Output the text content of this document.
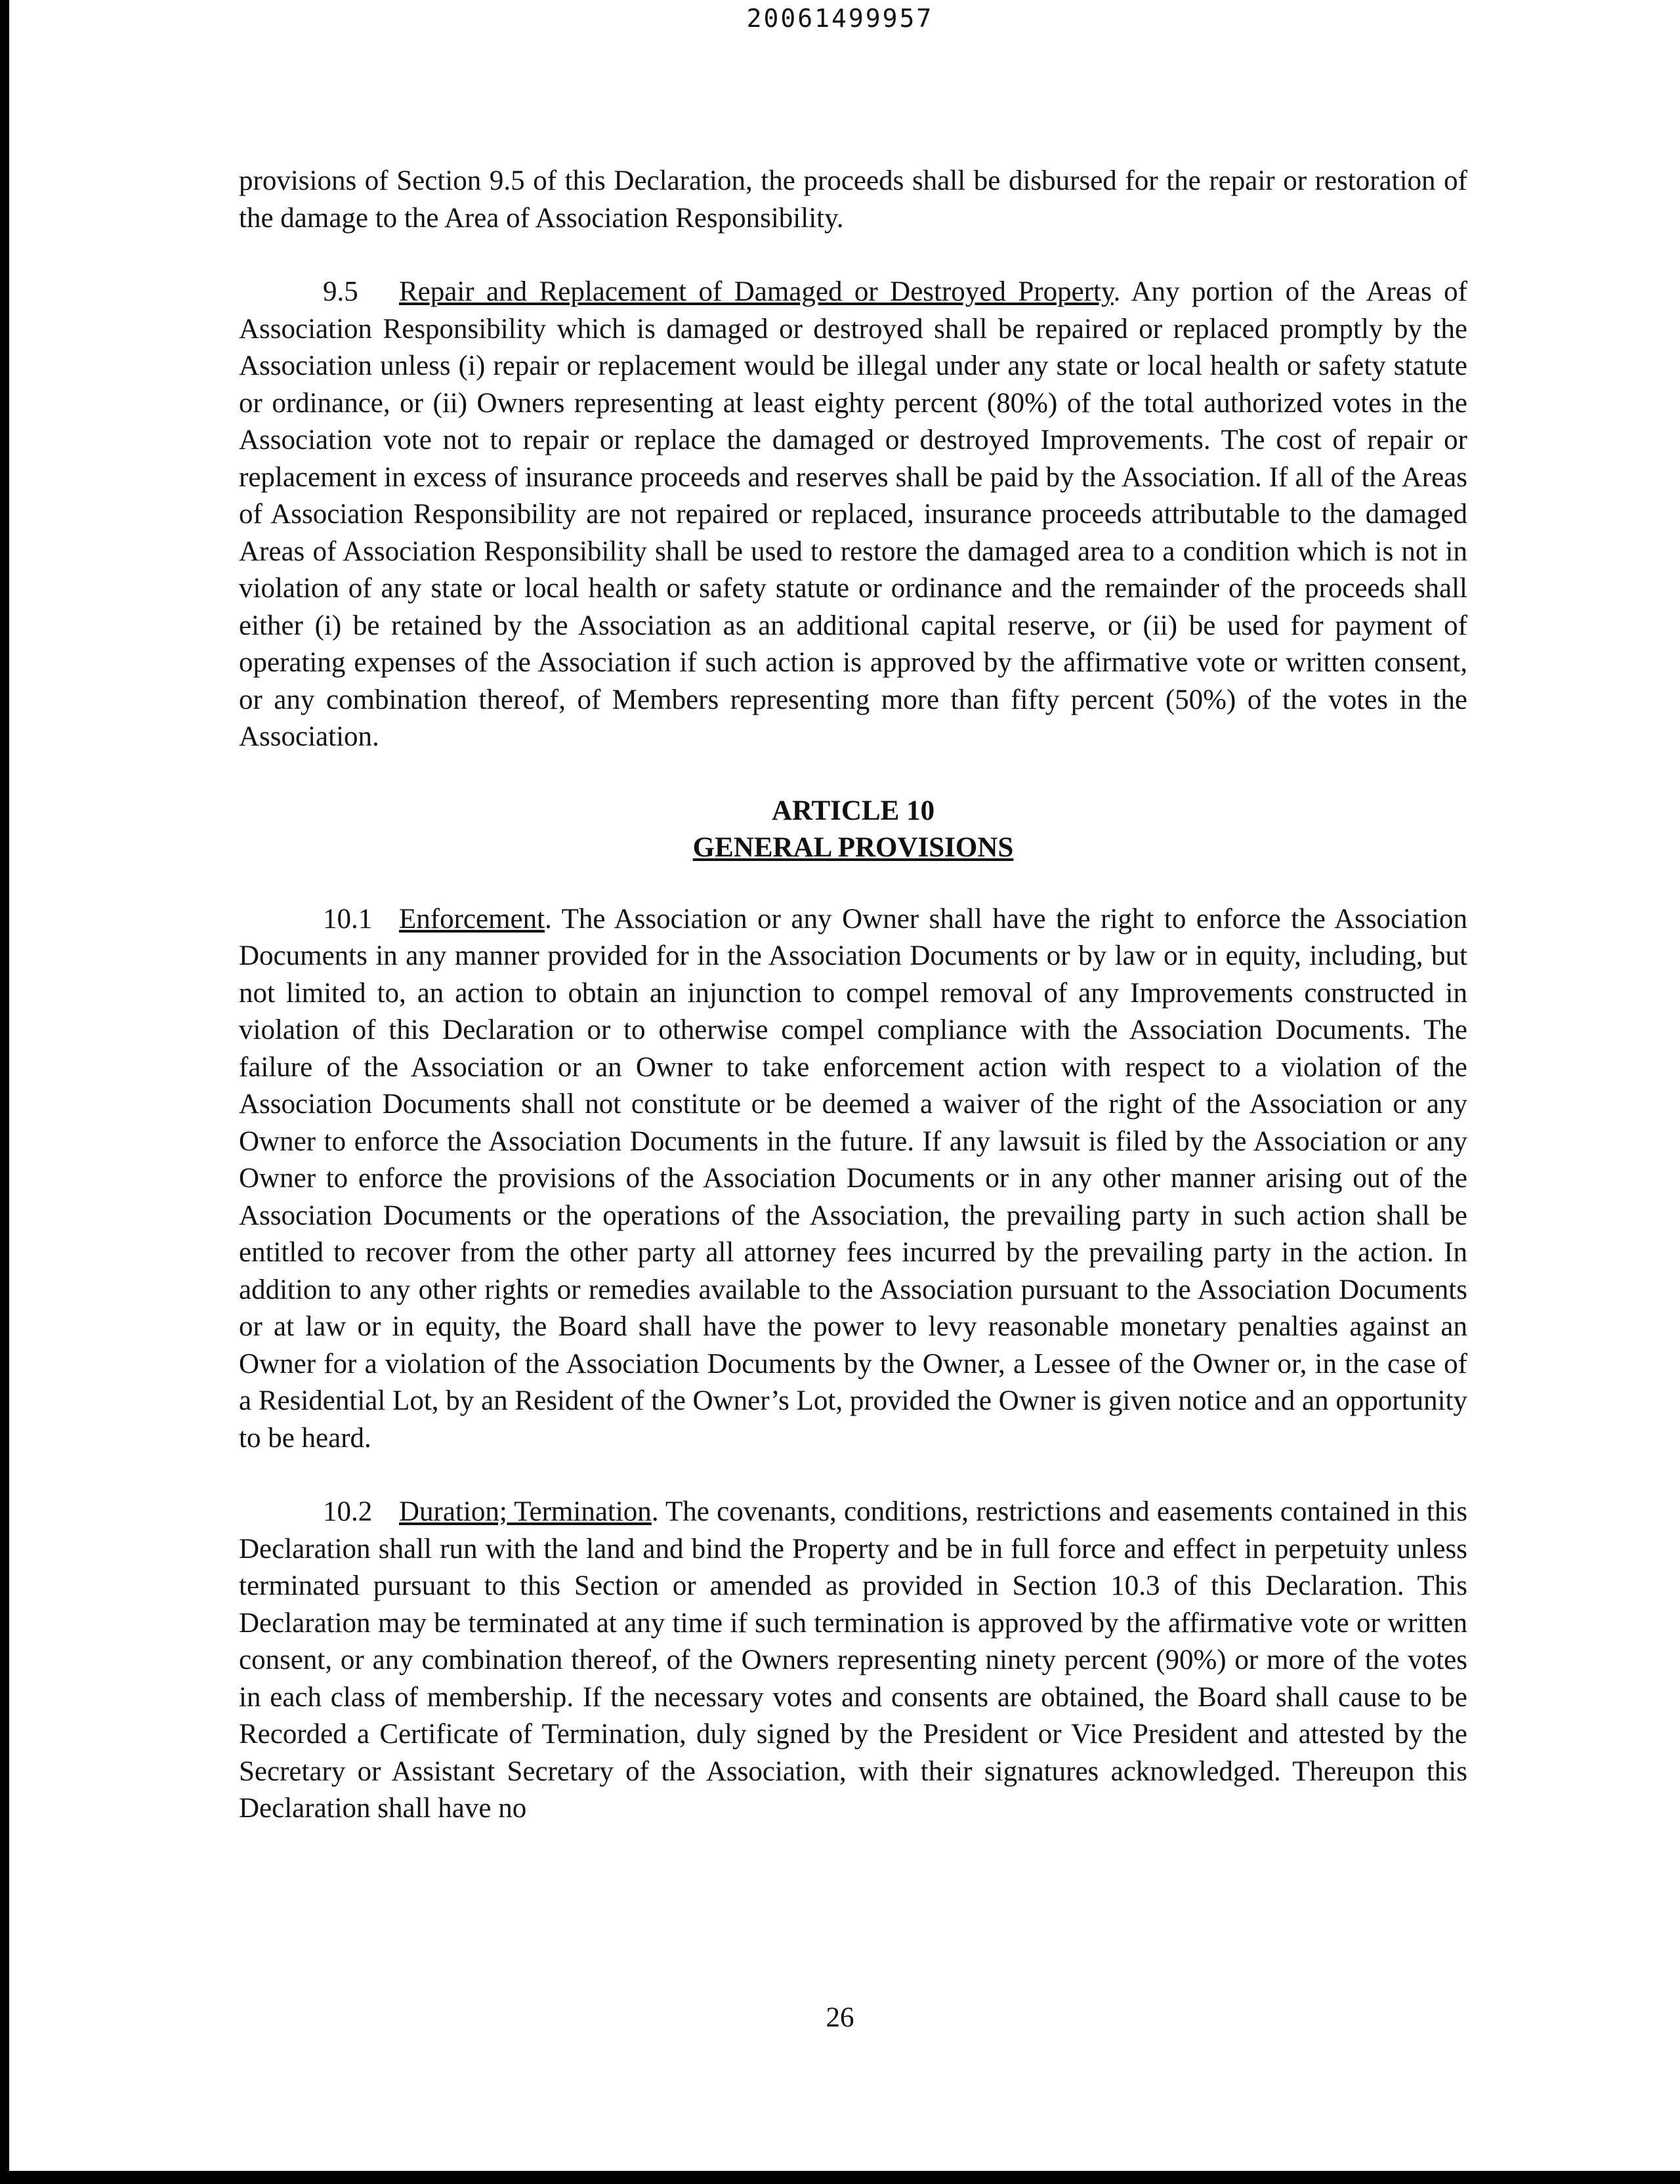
20061499957

provisions of Section 9.5 of this Declaration, the proceeds shall be disbursed for the repair or restoration of the damage to the Area of Association Responsibility.

9.5 Repair and Replacement of Damaged or Destroyed Property. Any portion of the Areas of Association Responsibility which is damaged or destroyed shall be repaired or replaced promptly by the Association unless (i) repair or replacement would be illegal under any state or local health or safety statute or ordinance, or (ii) Owners representing at least eighty percent (80%) of the total authorized votes in the Association vote not to repair or replace the damaged or destroyed Improvements. The cost of repair or replacement in excess of insurance proceeds and reserves shall be paid by the Association. If all of the Areas of Association Responsibility are not repaired or replaced, insurance proceeds attributable to the damaged Areas of Association Responsibility shall be used to restore the damaged area to a condition which is not in violation of any state or local health or safety statute or ordinance and the remainder of the proceeds shall either (i) be retained by the Association as an additional capital reserve, or (ii) be used for payment of operating expenses of the Association if such action is approved by the affirmative vote or written consent, or any combination thereof, of Members representing more than fifty percent (50%) of the votes in the Association.

ARTICLE 10
GENERAL PROVISIONS

10.1 Enforcement. The Association or any Owner shall have the right to enforce the Association Documents in any manner provided for in the Association Documents or by law or in equity, including, but not limited to, an action to obtain an injunction to compel removal of any Improvements constructed in violation of this Declaration or to otherwise compel compliance with the Association Documents. The failure of the Association or an Owner to take enforcement action with respect to a violation of the Association Documents shall not constitute or be deemed a waiver of the right of the Association or any Owner to enforce the Association Documents in the future. If any lawsuit is filed by the Association or any Owner to enforce the provisions of the Association Documents or in any other manner arising out of the Association Documents or the operations of the Association, the prevailing party in such action shall be entitled to recover from the other party all attorney fees incurred by the prevailing party in the action. In addition to any other rights or remedies available to the Association pursuant to the Association Documents or at law or in equity, the Board shall have the power to levy reasonable monetary penalties against an Owner for a violation of the Association Documents by the Owner, a Lessee of the Owner or, in the case of a Residential Lot, by an Resident of the Owner’s Lot, provided the Owner is given notice and an opportunity to be heard.

10.2 Duration; Termination. The covenants, conditions, restrictions and easements contained in this Declaration shall run with the land and bind the Property and be in full force and effect in perpetuity unless terminated pursuant to this Section or amended as provided in Section 10.3 of this Declaration. This Declaration may be terminated at any time if such termination is approved by the affirmative vote or written consent, or any combination thereof, of the Owners representing ninety percent (90%) or more of the votes in each class of membership. If the necessary votes and consents are obtained, the Board shall cause to be Recorded a Certificate of Termination, duly signed by the President or Vice President and attested by the Secretary or Assistant Secretary of the Association, with their signatures acknowledged. Thereupon this Declaration shall have no

26
